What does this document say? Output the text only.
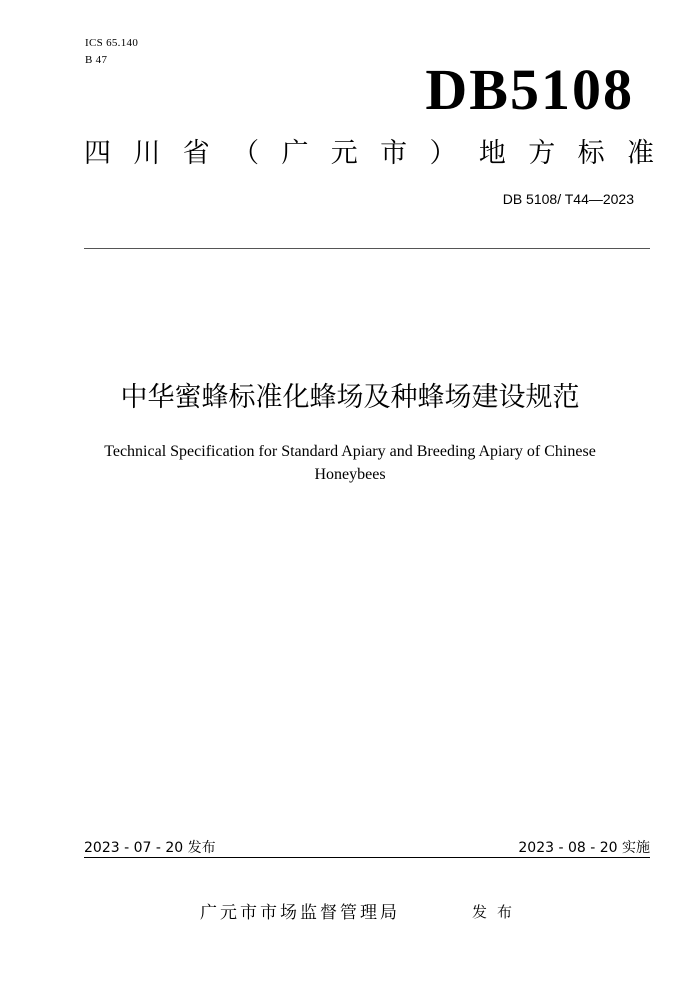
ICS 65.140
B 47	DB5108
四 川 省 （ 广 元 市 ） 地 方 标 准
DB 5108/ T44—2023
中华蜜蜂标准化蜂场及种蜂场建设规范
Technical Specification for Standard Apiary and Breeding Apiary of Chinese
Honeybees
2023 - 07 - 20 发布	2023 - 08 - 20 实施
广元市市场监督管理局	发布
